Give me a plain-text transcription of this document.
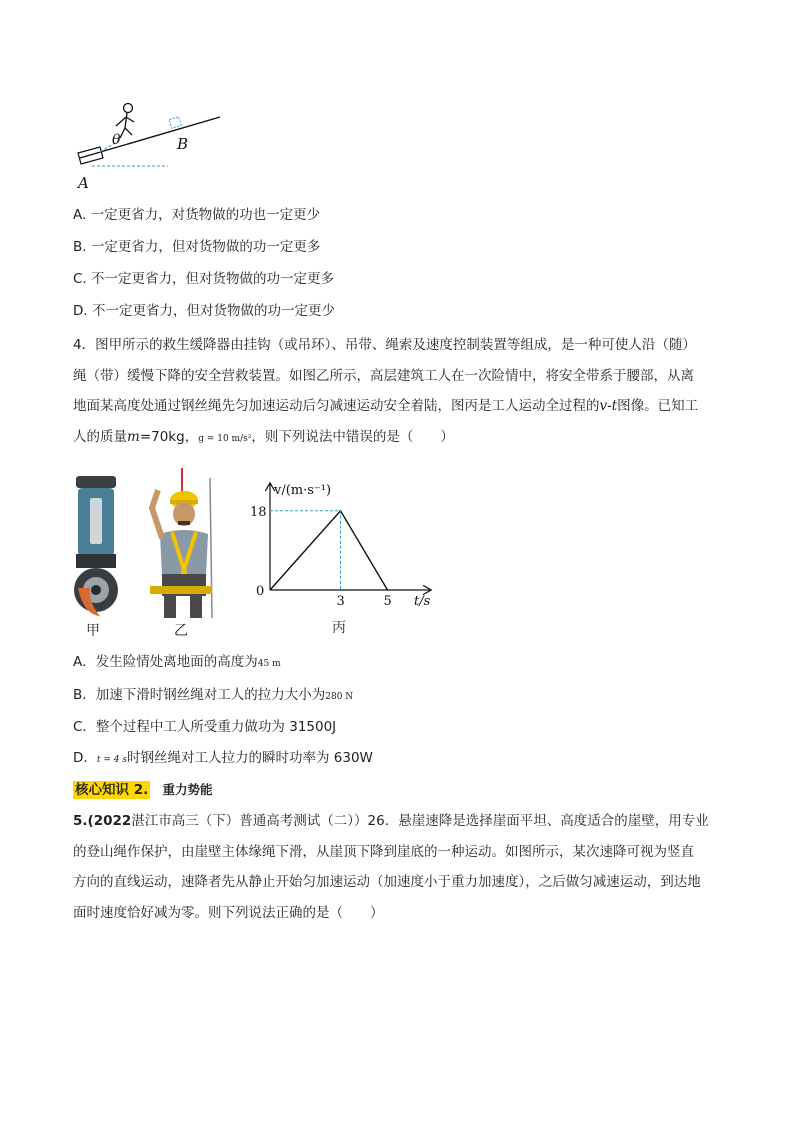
θ	B
A
A. 一定更省力，对货物做的功也一定更少
B. 一定更省力，但对货物做的功一定更多
C. 不一定更省力，但对货物做的功一定更多
D. 不一定更省力，但对货物做的功一定更少
4．图甲所示的救生缓降器由挂钩（或吊环）、吊带、绳索及速度控制装置等组成，是一种可使人沿（随）
绳（带）缓慢下降的安全营救装置。如图乙所示，高层建筑工人在一次险情中，将安全带系于腰部，从离
地面某高度处通过钢丝绳先匀加速运动后匀减速运动安全着陆，图丙是工人运动全过程的v-t图像。已知工
人的质量m=70kg，g = 10 m/s²，则下列说法中错误的是（　　）
甲	乙
3	5
18
v/(m·s⁻¹)
t/s
0
丙
A．发生险情处离地面的高度为45 m
B．加速下滑时钢丝绳对工人的拉力大小为280 N
C．整个过程中工人所受重力做功为 31500J
D．t = 4 s时钢丝绳对工人拉力的瞬时功率为 630W
核心知识 2. 重力势能
5.(2022湛江市高三（下）普通高考测试（二））26．悬崖速降是选择崖面平坦、高度适合的崖壁，用专业
的登山绳作保护，由崖壁主体缘绳下滑，从崖顶下降到崖底的一种运动。如图所示，某次速降可视为竖直
方向的直线运动，速降者先从静止开始匀加速运动（加速度小于重力加速度），之后做匀减速运动，到达地
面时速度恰好减为零。则下列说法正确的是（　　）
